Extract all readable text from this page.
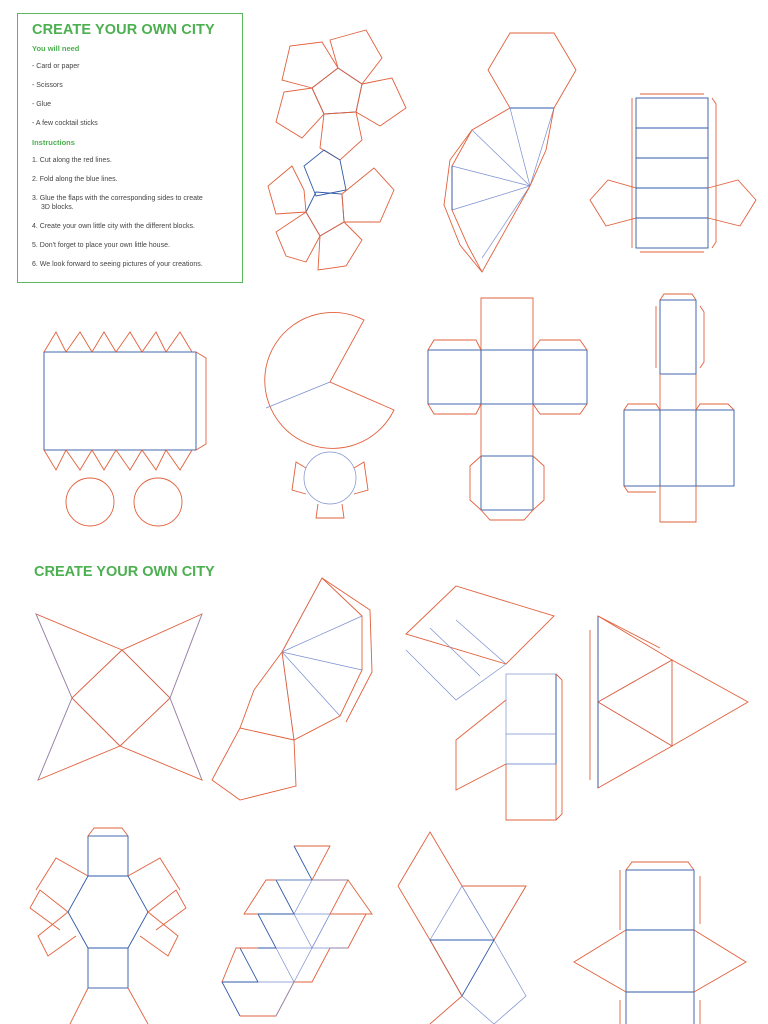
CREATE YOUR OWN CITY
You will need
- Card or paper
- Scissors
- Glue
- A few cocktail sticks
Instructions
1. Cut along the red lines.
2. Fold along the blue lines.
3. Glue the flaps with the corresponding sides to create
3D blocks.
4. Create your own little city with the different blocks.
5. Don't forget to place your own little house.
6. We look forward to seeing pictures of your creations.
CREATE YOUR OWN CITY
